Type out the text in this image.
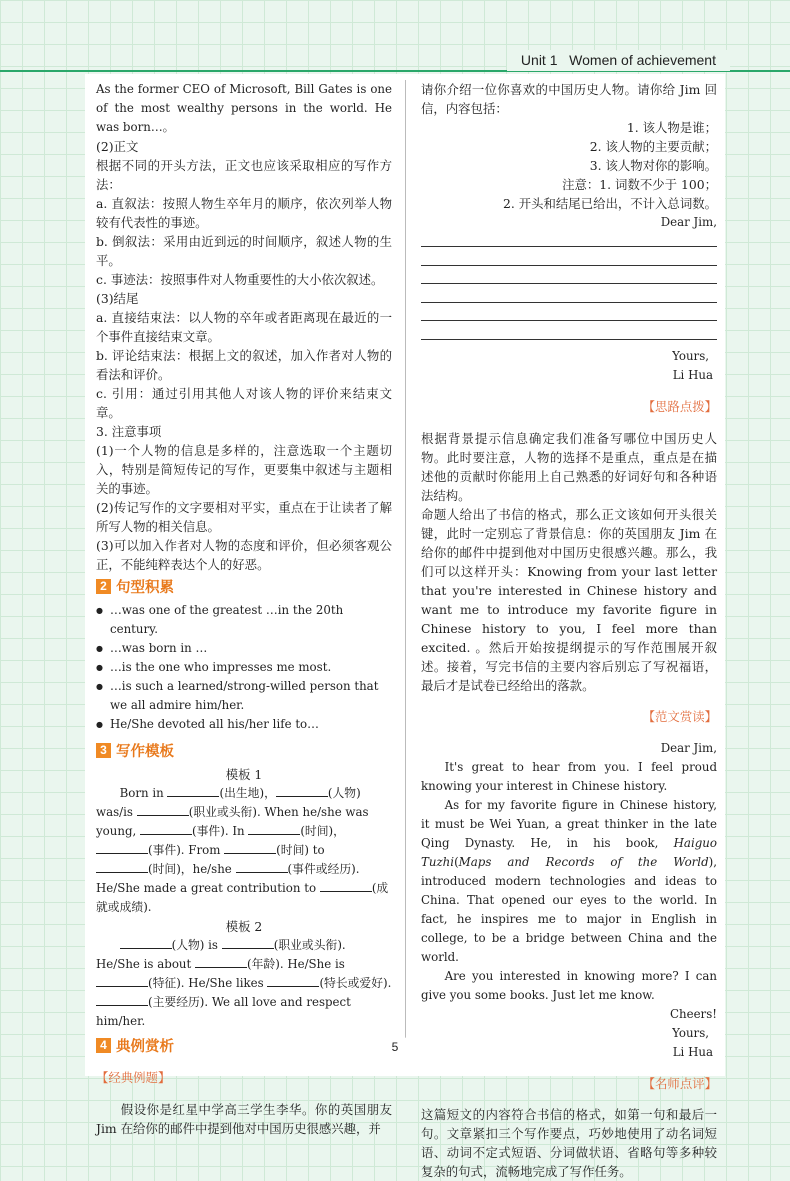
Unit 1 Women of achievement

As the former CEO of Microsoft, Bill Gates is one of the most wealthy persons in the world. He was born…。

(2)正文

根据不同的开头方法，正文也应该采取相应的写作方法：

a. 直叙法：按照人物生卒年月的顺序，依次列举人物较有代表性的事迹。

b. 倒叙法：采用由近到远的时间顺序，叙述人物的生平。

c. 事迹法：按照事件对人物重要性的大小依次叙述。

(3)结尾

a. 直接结束法：以人物的卒年或者距离现在最近的一个事件直接结束文章。

b. 评论结束法：根据上文的叙述，加入作者对人物的看法和评价。

c. 引用：通过引用其他人对该人物的评价来结束文章。

3. 注意事项

(1)一个人物的信息是多样的，注意选取一个主题切入，特别是简短传记的写作，更要集中叙述与主题相关的事迹。

(2)传记写作的文字要相对平实，重点在于让读者了解所写人物的相关信息。

(3)可以加入作者对人物的态度和评价，但必须客观公正，不能纯粹表达个人的好恶。

2 句型积累
● …was one of the greatest …in the 20th century.
● …was born in …
● …is the one who impresses me most.
● …is such a learned/strong-willed person that we all admire him/her.
● He/She devoted all his/her life to…
3 写作模板

模板 1

Born in	(出生地)，	(人物)

was/is	(职业或头衔). When he/she was

young,	(事件). In	(时间)，

(事件). From	(时间) to

(时间)，he/she	(事件或经历).

He/She made a great contribution to	(成就或成绩).

模板 2

(人物) is	(职业或头衔).

He/She is about	(年龄). He/She is

(特征). He/She likes	(特长或爱好). (主要经历). We all love and respect him/her.

4 典例赏析

【经典例题】

假设你是红星中学高三学生李华。你的英国朋友 Jim 在给你的邮件中提到他对中国历史很感兴趣，并

请你介绍一位你喜欢的中国历史人物。请你给 Jim 回信，内容包括：

1. 该人物是谁；

2. 该人物的主要贡献；

3. 该人物对你的影响。

注意：1. 词数不少于 100；

2. 开头和结尾已给出，不计入总词数。

Dear Jim,

Yours,

Li Hua

【思路点拨】

根据背景提示信息确定我们准备写哪位中国历史人物。此时要注意，人物的选择不是重点，重点是在描述他的贡献时你能用上自己熟悉的好词好句和各种语法结构。

命题人给出了书信的格式，那么正文该如何开头很关键，此时一定别忘了背景信息：你的英国朋友 Jim 在给你的邮件中提到他对中国历史很感兴趣。那么，我们可以这样开头：Knowing from your last letter that you're interested in Chinese history and want me to introduce my favorite figure in Chinese history to you, I feel more than excited. 。然后开始按提纲提示的写作范围展开叙述。接着，写完书信的主要内容后别忘了写祝福语，最后才是试卷已经给出的落款。

【范文赏读】

Dear Jim,

It's great to hear from you. I feel proud knowing your interest in Chinese history.

As for my favorite figure in Chinese history, it must be Wei Yuan, a great thinker in the late Qing Dynasty. He, in his book, Haiguo Tuzhi(Maps and Records of the World), introduced modern technologies and ideas to China. That opened our eyes to the world. In fact, he inspires me to major in English in college, to be a bridge between China and the world.

Are you interested in knowing more? I can give you some books. Just let me know.

Cheers!

Yours,

Li Hua

【名师点评】

这篇短文的内容符合书信的格式，如第一句和最后一句。文章紧扣三个写作要点，巧妙地使用了动名词短语、动词不定式短语、分词做状语、省略句等多种较复杂的句式，流畅地完成了写作任务。

5
